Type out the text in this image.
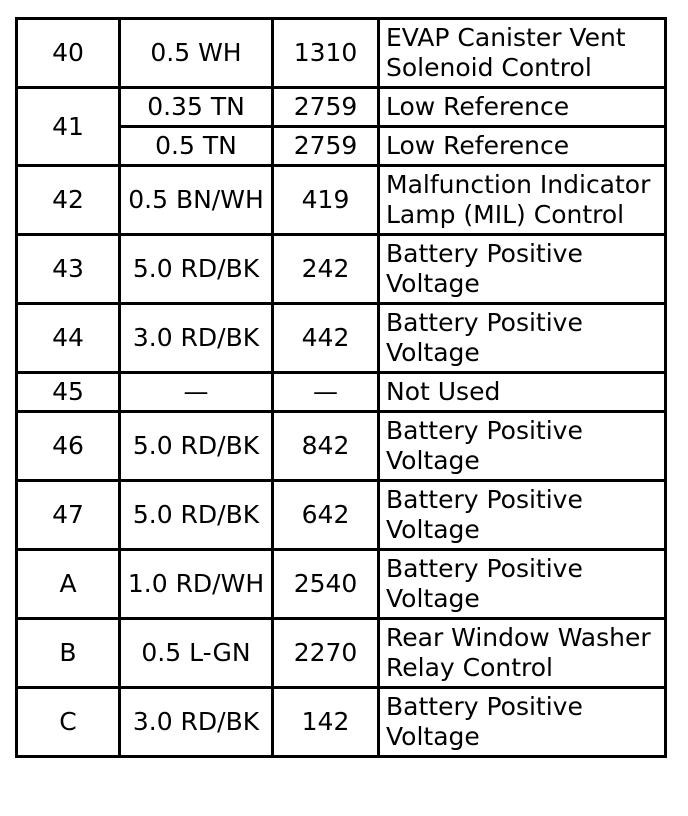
40	0.5 WH	1310	EVAP Canister Vent Solenoid Control
41	0.35 TN	2759	Low Reference
	0.5 TN	2759	Low Reference
42	0.5 BN/WH	419	Malfunction Indicator Lamp (MIL) Control
43	5.0 RD/BK	242	Battery Positive Voltage
44	3.0 RD/BK	442	Battery Positive Voltage
45	—	—	Not Used
46	5.0 RD/BK	842	Battery Positive Voltage
47	5.0 RD/BK	642	Battery Positive Voltage
A	1.0 RD/WH	2540	Battery Positive Voltage
B	0.5 L-GN	2270	Rear Window Washer Relay Control
C	3.0 RD/BK	142	Battery Positive Voltage
